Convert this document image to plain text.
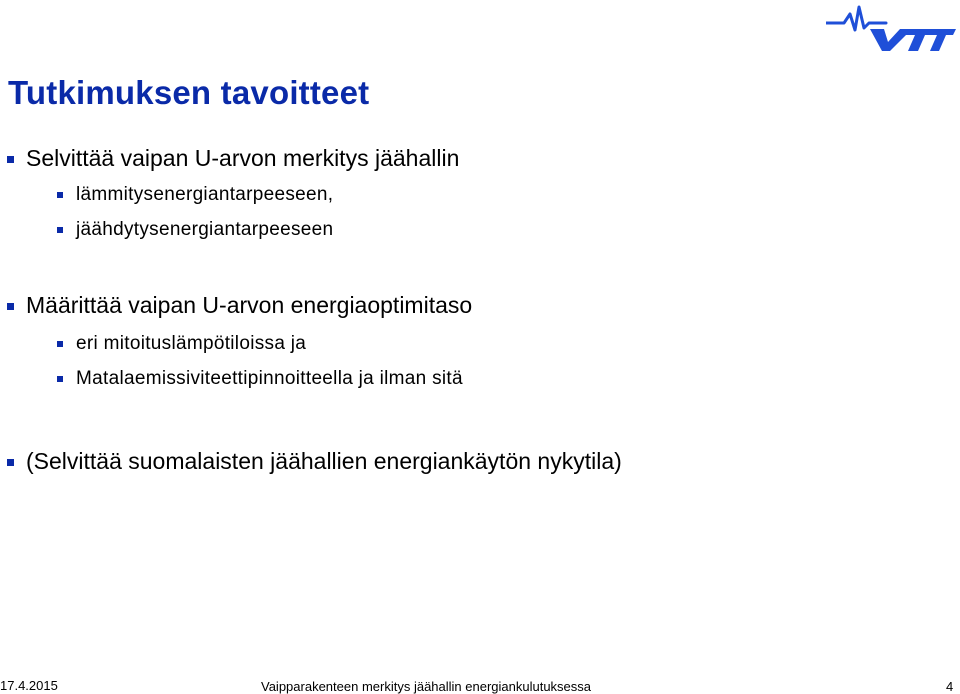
Tutkimuksen tavoitteet
Selvittää vaipan U-arvon merkitys jäähallin
lämmitysenergiantarpeeseen,
jäähdytysenergiantarpeeseen
Määrittää vaipan U-arvon energiaoptimitaso
eri mitoituslämpötiloissa ja
Matalaemissiviteettipinnoitteella ja ilman sitä
(Selvittää suomalaisten jäähallien energiankäytön nykytila)
17.4.2015	Vaipparakenteen merkitys jäähallin energiankulutuksessa	4
